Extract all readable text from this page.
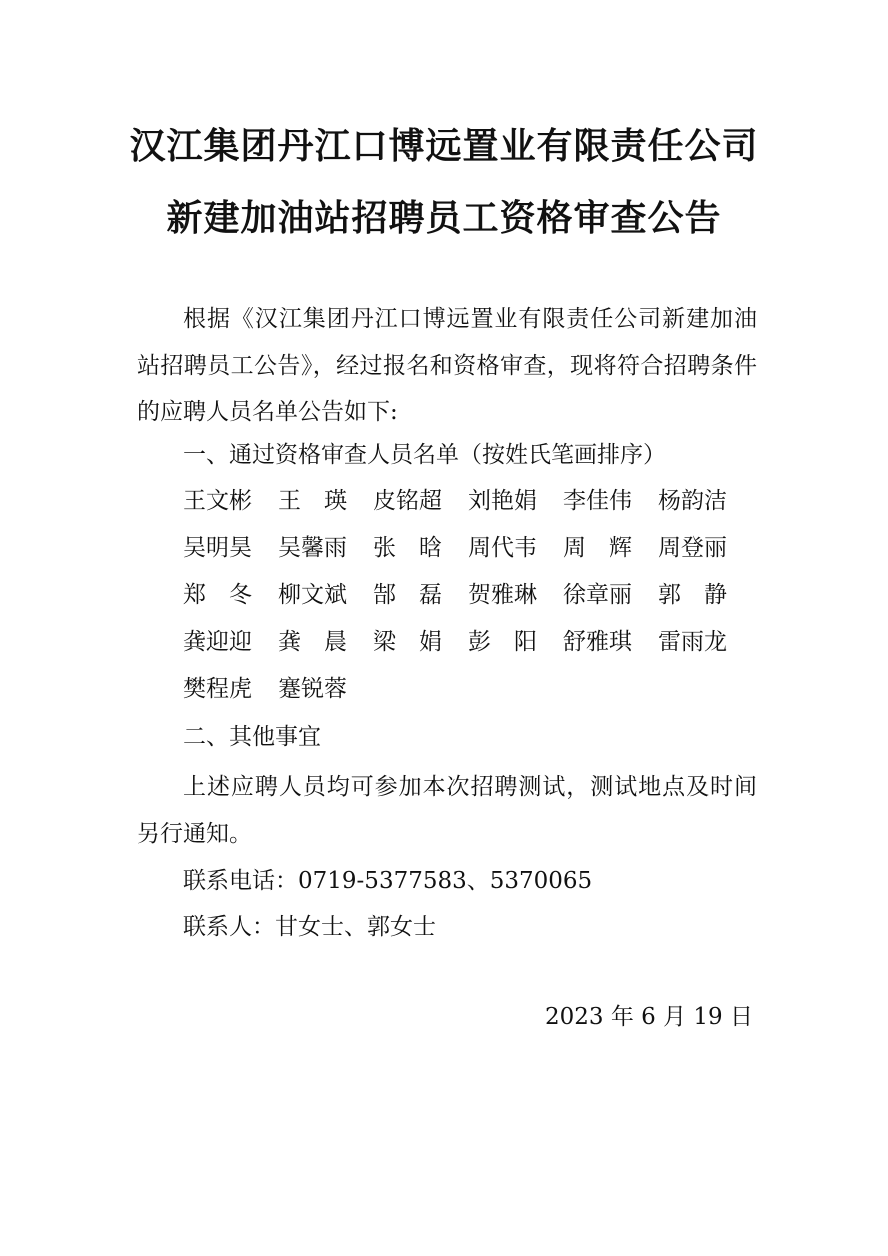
汉江集团丹江口博远置业有限责任公司
新建加油站招聘员工资格审查公告
根据《汉江集团丹江口博远置业有限责任公司新建加油站招聘员工公告》，经过报名和资格审查，现将符合招聘条件的应聘人员名单公告如下:
一、通过资格审查人员名单（按姓氏笔画排序）
王文彬	王　瑛	皮铭超	刘艳娟	李佳伟	杨韵洁
吴明昊	吴馨雨	张　晗	周代韦	周　辉	周登丽
郑　冬	柳文斌	郜　磊	贺雅琳	徐章丽	郭　静
龚迎迎	龚　晨	梁　娟	彭　阳	舒雅琪	雷雨龙
樊程虎	蹇锐蓉
二、其他事宜
上述应聘人员均可参加本次招聘测试，测试地点及时间另行通知。
联系电话：0719-5377583、5370065
联系人：甘女士、郭女士
2023 年 6 月 19 日
